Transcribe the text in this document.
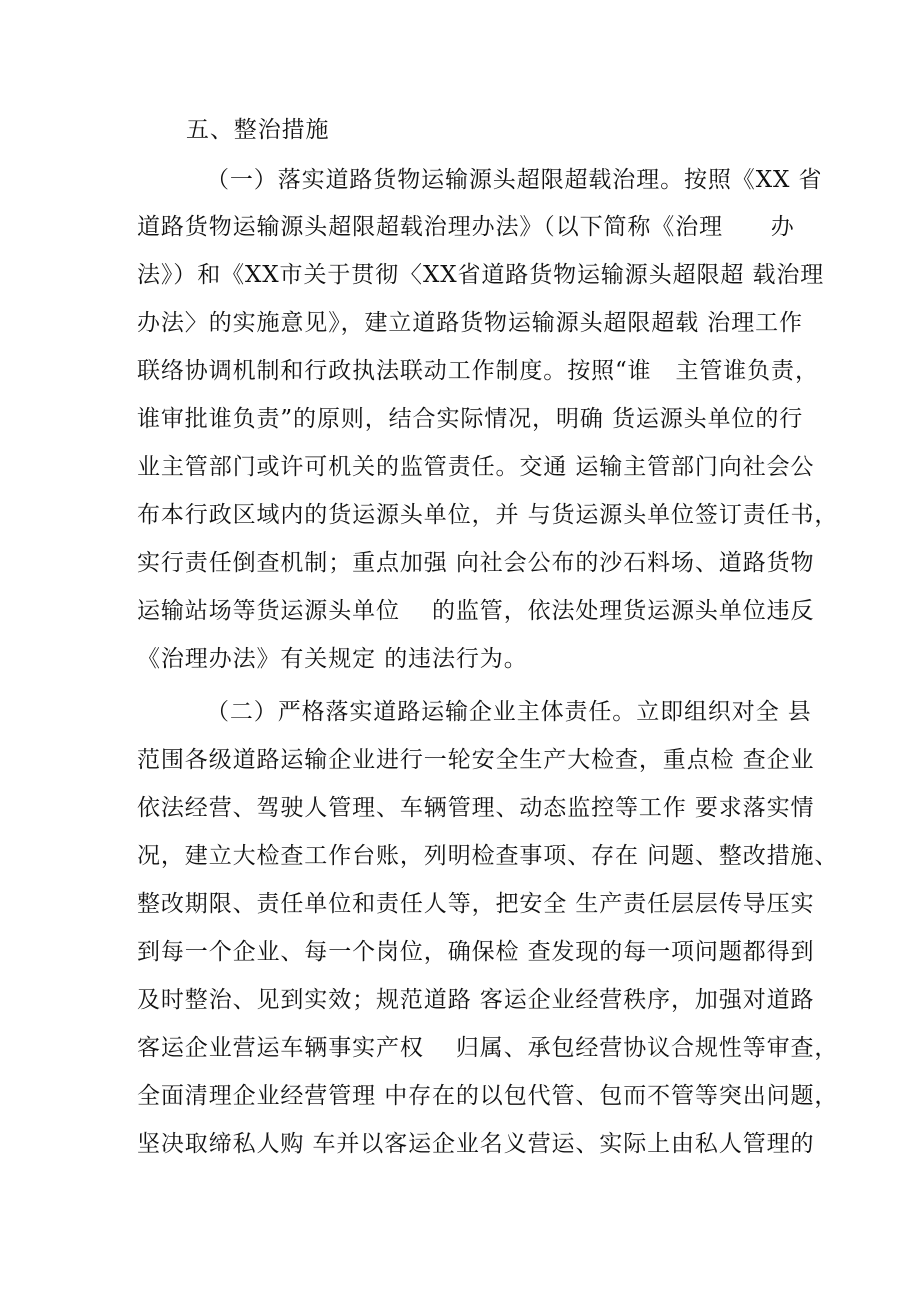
五、整治措施
（一）落实道路货物运输源头超限超载治理。按照《XX 省
道路货物运输源头超限超载治理办法》（以下简称《治理　　办
法》）和《XX市关于贯彻〈XX省道路货物运输源头超限超 载治理
办法〉的实施意见》，建立道路货物运输源头超限超载 治理工作
联络协调机制和行政执法联动工作制度。按照“谁　主管谁负责，
谁审批谁负责”的原则，结合实际情况，明确 货运源头单位的行
业主管部门或许可机关的监管责任。交通 运输主管部门向社会公
布本行政区域内的货运源头单位，并 与货运源头单位签订责任书，
实行责任倒查机制；重点加强 向社会公布的沙石料场、道路货物
运输站场等货运源头单位　 的监管，依法处理货运源头单位违反
《治理办法》有关规定 的违法行为。
（二）严格落实道路运输企业主体责任。立即组织对全 县
范围各级道路运输企业进行一轮安全生产大检查，重点检 查企业
依法经营、驾驶人管理、车辆管理、动态监控等工作 要求落实情
况，建立大检查工作台账，列明检查事项、存在 问题、整改措施、
整改期限、责任单位和责任人等，把安全 生产责任层层传导压实
到每一个企业、每一个岗位，确保检 查发现的每一项问题都得到
及时整治、见到实效；规范道路 客运企业经营秩序，加强对道路
客运企业营运车辆事实产权　 归属、承包经营协议合规性等审查，
全面清理企业经营管理 中存在的以包代管、包而不管等突出问题，
坚决取缔私人购 车并以客运企业名义营运、实际上由私人管理的
